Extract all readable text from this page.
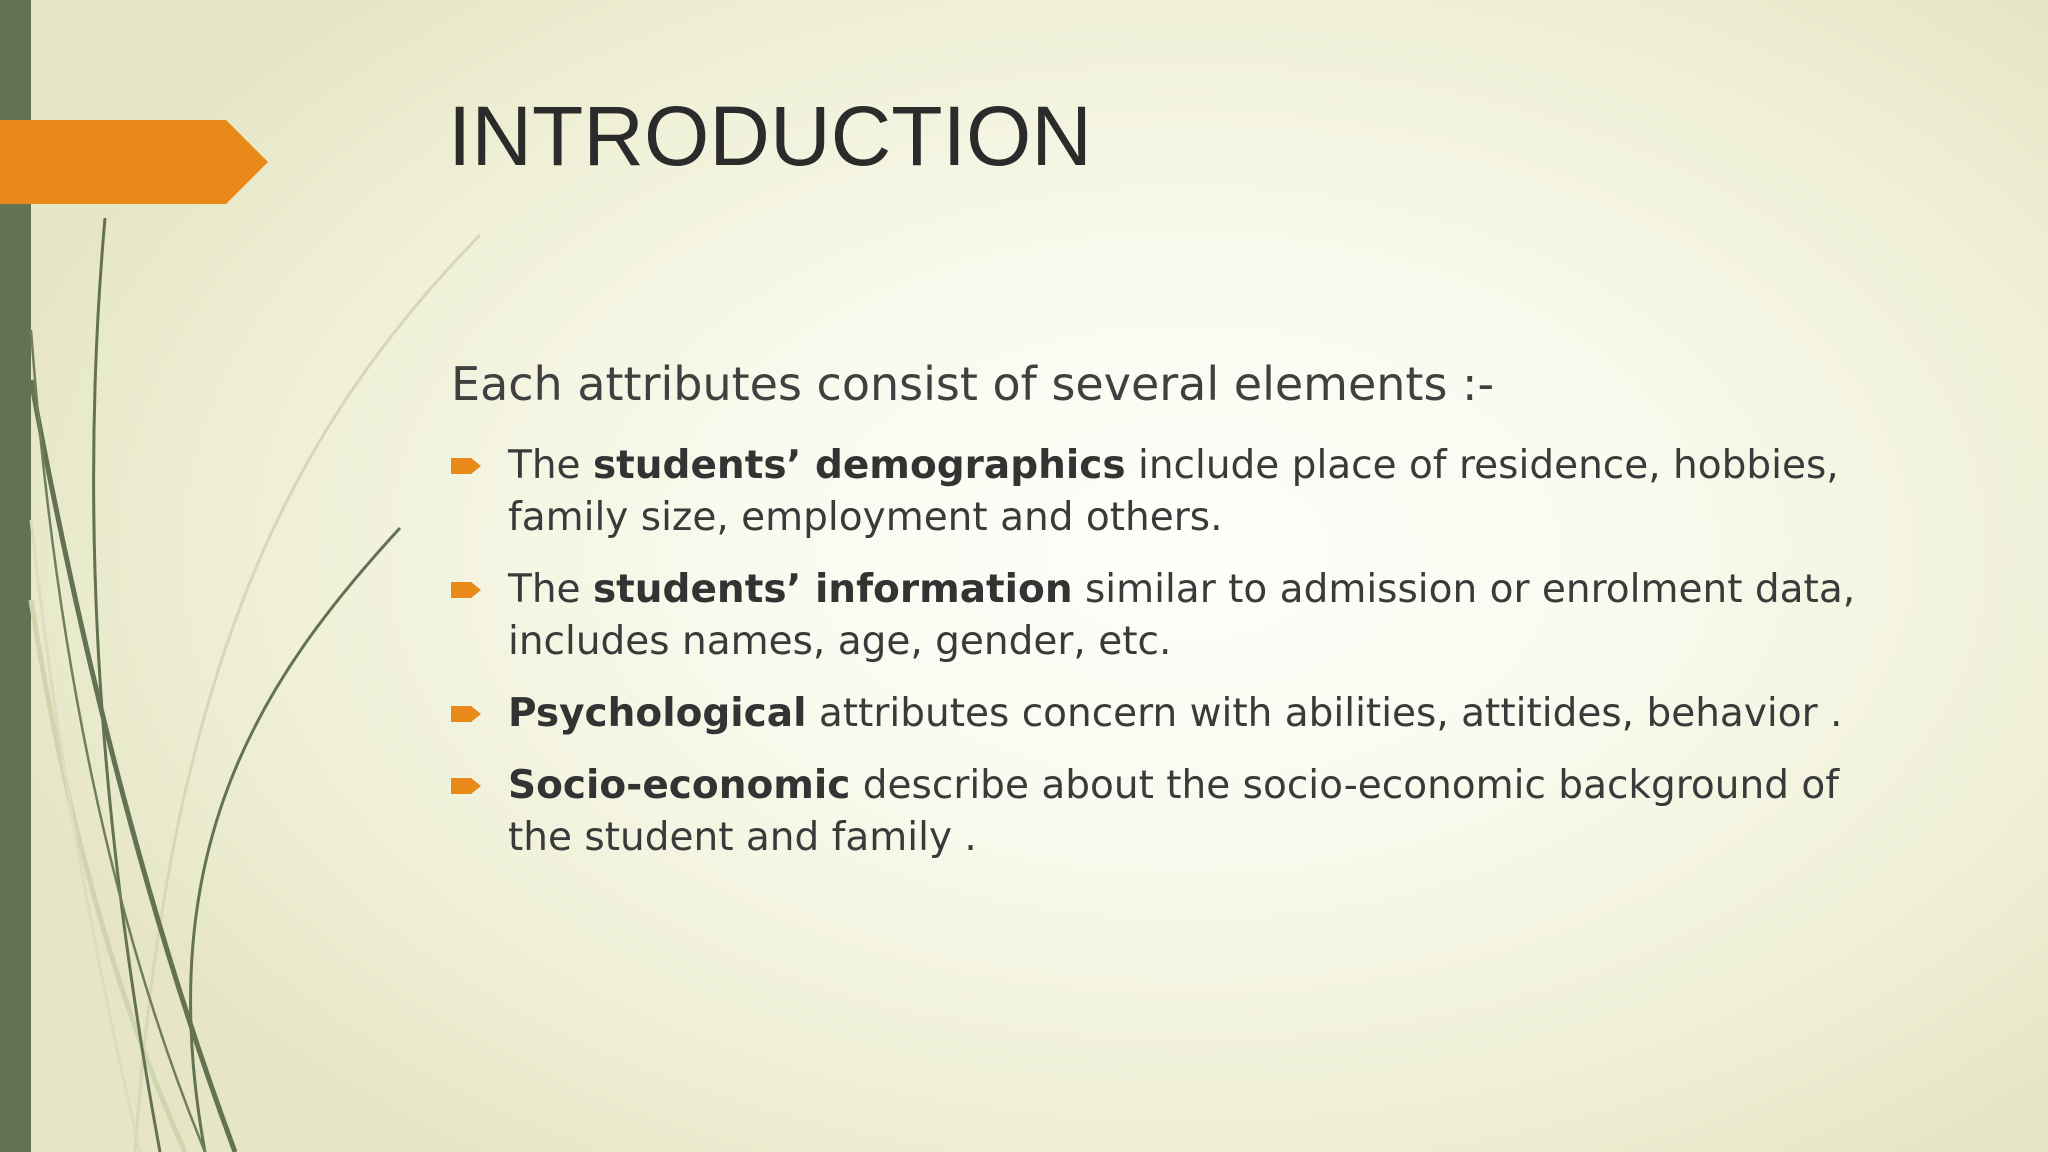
INTRODUCTION

Each attributes consist of several elements :-

The students’ demographics include place of residence, hobbies, family size, employment and others.
The students’ information similar to admission or enrolment data, includes names, age, gender, etc.
Psychological attributes concern with abilities, attitides, behavior .
Socio-economic describe about the socio-economic background of the student and family .
